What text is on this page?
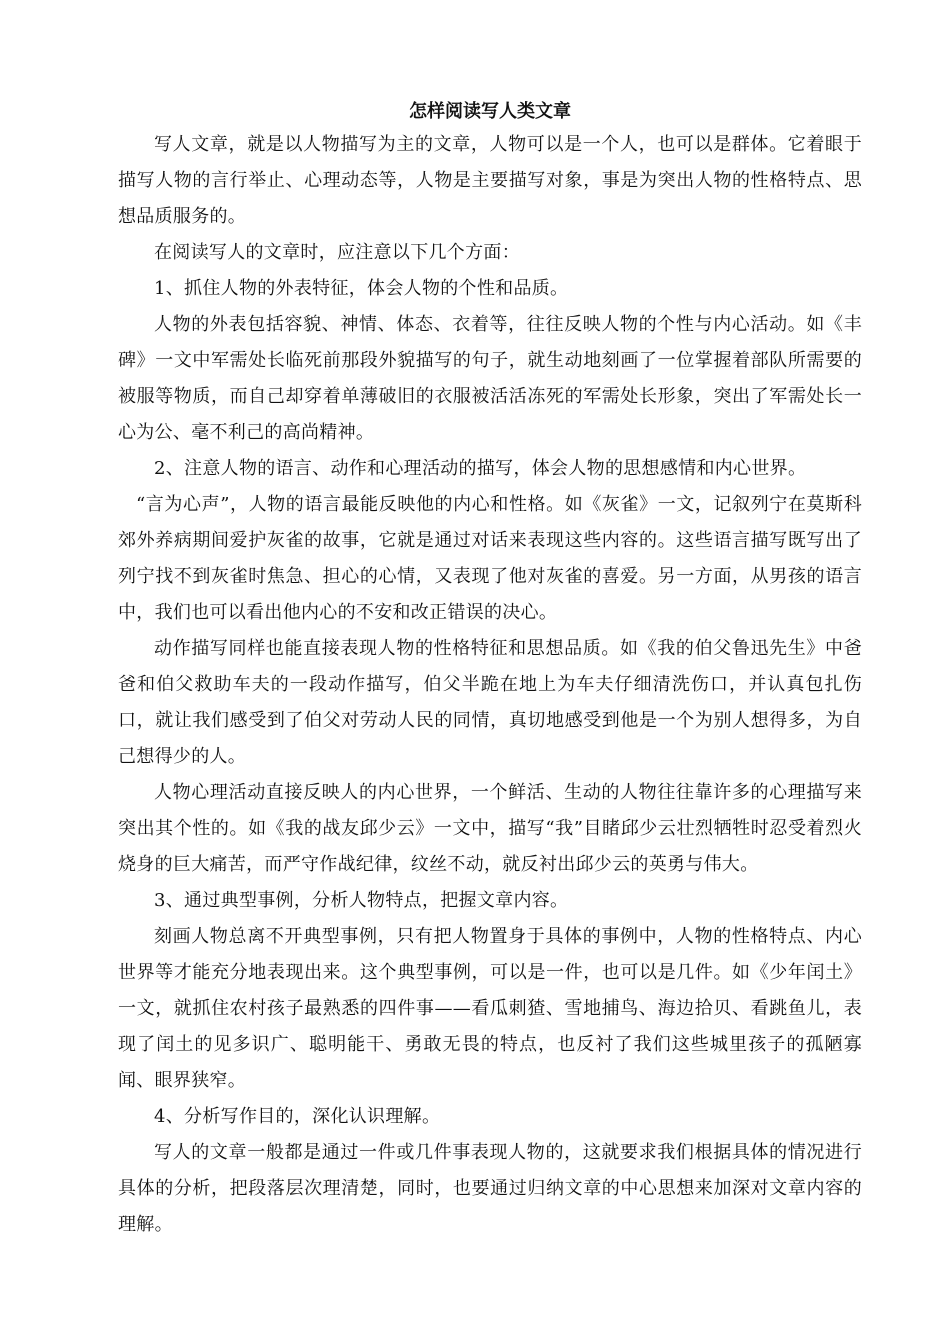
怎样阅读写人类文章

写人文章，就是以人物描写为主的文章，人物可以是一个人，也可以是群体。它着眼于描写人物的言行举止、心理动态等，人物是主要描写对象，事是为突出人物的性格特点、思想品质服务的。

在阅读写人的文章时，应注意以下几个方面：

1、抓住人物的外表特征，体会人物的个性和品质。

人物的外表包括容貌、神情、体态、衣着等，往往反映人物的个性与内心活动。如《丰碑》一文中军需处长临死前那段外貌描写的句子，就生动地刻画了一位掌握着部队所需要的被服等物质，而自己却穿着单薄破旧的衣服被活活冻死的军需处长形象，突出了军需处长一心为公、毫不利己的高尚精神。

2、注意人物的语言、动作和心理活动的描写，体会人物的思想感情和内心世界。

“言为心声”，人物的语言最能反映他的内心和性格。如《灰雀》一文，记叙列宁在莫斯科郊外养病期间爱护灰雀的故事，它就是通过对话来表现这些内容的。这些语言描写既写出了列宁找不到灰雀时焦急、担心的心情，又表现了他对灰雀的喜爱。另一方面，从男孩的语言中，我们也可以看出他内心的不安和改正错误的决心。

动作描写同样也能直接表现人物的性格特征和思想品质。如《我的伯父鲁迅先生》中爸爸和伯父救助车夫的一段动作描写，伯父半跪在地上为车夫仔细清洗伤口，并认真包扎伤口，就让我们感受到了伯父对劳动人民的同情，真切地感受到他是一个为别人想得多，为自己想得少的人。

人物心理活动直接反映人的内心世界，一个鲜活、生动的人物往往靠许多的心理描写来突出其个性的。如《我的战友邱少云》一文中，描写“我”目睹邱少云壮烈牺牲时忍受着烈火烧身的巨大痛苦，而严守作战纪律，纹丝不动，就反衬出邱少云的英勇与伟大。

3、通过典型事例，分析人物特点，把握文章内容。

刻画人物总离不开典型事例，只有把人物置身于具体的事例中，人物的性格特点、内心世界等才能充分地表现出来。这个典型事例，可以是一件，也可以是几件。如《少年闰土》一文，就抓住农村孩子最熟悉的四件事——看瓜刺猹、雪地捕鸟、海边拾贝、看跳鱼儿，表现了闰土的见多识广、聪明能干、勇敢无畏的特点，也反衬了我们这些城里孩子的孤陋寡闻、眼界狭窄。

4、分析写作目的，深化认识理解。

写人的文章一般都是通过一件或几件事表现人物的，这就要求我们根据具体的情况进行具体的分析，把段落层次理清楚，同时，也要通过归纳文章的中心思想来加深对文章内容的理解。
